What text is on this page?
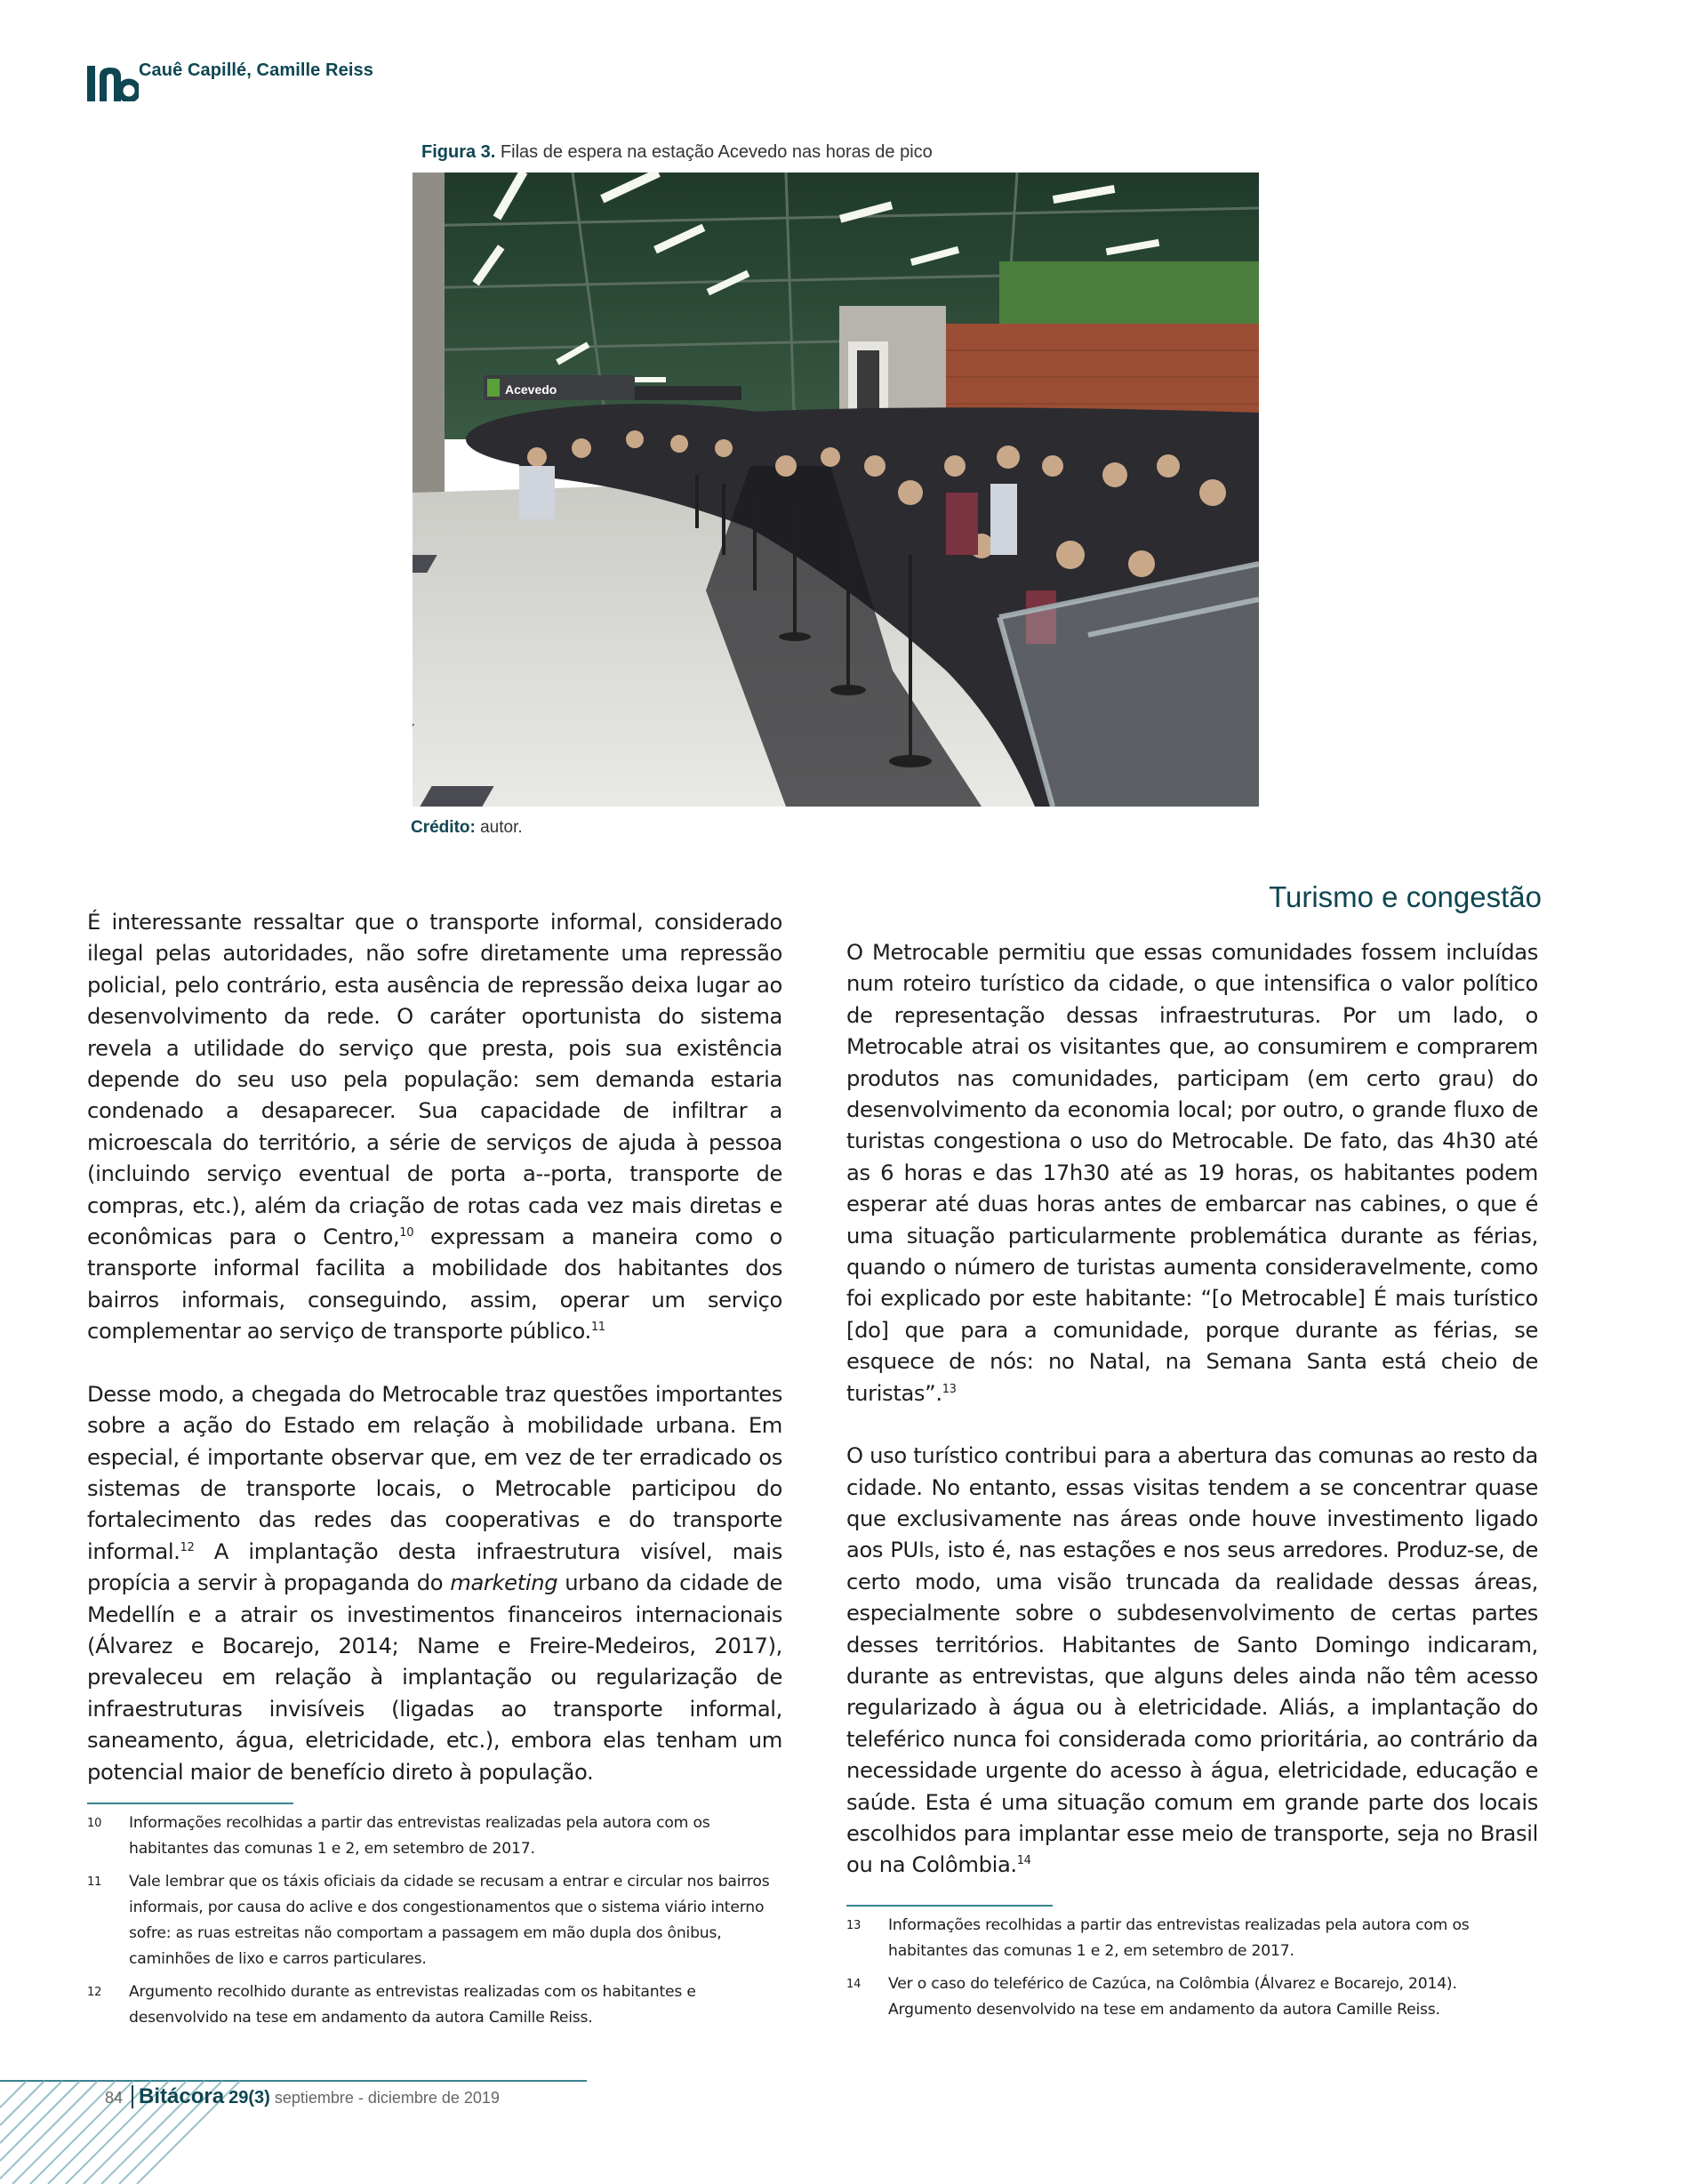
Cauê Capillé, Camille Reiss
Figura 3. Filas de espera na estação Acevedo nas horas de pico
Acevedo
Crédito: autor.
Turismo e congestão

É interessante ressaltar que o transporte informal, considerado ilegal pelas autoridades, não sofre diretamente uma repressão policial, pelo contrário, esta ausência de repressão deixa lugar ao desenvolvimento da rede. O caráter oportunista do sistema revela a utilidade do serviço que presta, pois sua existência depende do seu uso pela população: sem demanda estaria condenado a desaparecer. Sua capacidade de infiltrar a microescala do território, a série de serviços de ajuda à pessoa (incluindo serviço eventual de porta a--porta, transporte de compras, etc.), além da criação de rotas cada vez mais diretas e econômicas para o Centro,$^{10}$ expressam a maneira como o transporte informal facilita a mobilidade dos habitantes dos bairros informais, conseguindo, assim, operar um serviço complementar ao serviço de transporte público.$^{11}$

Desse modo, a chegada do Metrocable traz questões importantes sobre a ação do Estado em relação à mobilidade urbana. Em especial, é importante observar que, em vez de ter erradicado os sistemas de transporte locais, o Metrocable participou do fortalecimento das redes das cooperativas e do transporte informal.$^{12}$ A implantação desta infraestrutura visível, mais propícia a servir à propaganda do marketing urbano da cidade de Medellín e a atrair os investimentos financeiros internacionais (Álvarez e Bocarejo, 2014; Name e Freire-Medeiros, 2017), prevaleceu em relação à implantação ou regularização de infraestruturas invisíveis (ligadas ao transporte informal, saneamento, água, eletricidade, etc.), embora elas tenham um potencial maior de benefício direto à população.

O Metrocable permitiu que essas comunidades fossem incluídas num roteiro turístico da cidade, o que intensifica o valor político de representação dessas infraestruturas. Por um lado, o Metrocable atrai os visitantes que, ao consumirem e comprarem produtos nas comunidades, participam (em certo grau) do desenvolvimento da economia local; por outro, o grande fluxo de turistas congestiona o uso do Metrocable. De fato, das 4h30 até as 6 horas e das 17h30 até as 19 horas, os habitantes podem esperar até duas horas antes de embarcar nas cabines, o que é uma situação particularmente problemática durante as férias, quando o número de turistas aumenta consideravelmente, como foi explicado por este habitante: “[o Metrocable] É mais turístico [do] que para a comunidade, porque durante as férias, se esquece de nós: no Natal, na Semana Santa está cheio de turistas”.$^{13}$

O uso turístico contribui para a abertura das comunas ao resto da cidade. No entanto, essas visitas tendem a se concentrar quase que exclusivamente nas áreas onde houve investimento ligado aos PUIs, isto é, nas estações e nos seus arredores. Produz-se, de certo modo, uma visão truncada da realidade dessas áreas, especialmente sobre o subdesenvolvimento de certas partes desses territórios. Habitantes de Santo Domingo indicaram, durante as entrevistas, que alguns deles ainda não têm acesso regularizado à água ou à eletricidade. Aliás, a implantação do teleférico nunca foi considerada como prioritária, ao contrário da necessidade urgente do acesso à água, eletricidade, educação e saúde. Esta é uma situação comum em grande parte dos locais escolhidos para implantar esse meio de transporte, seja no Brasil ou na Colômbia.$^{14}$

10 Informações recolhidas a partir das entrevistas realizadas pela autora com os habitantes das comunas 1 e 2, em setembro de 2017.
11 Vale lembrar que os táxis oficiais da cidade se recusam a entrar e circular nos bairros informais, por causa do aclive e dos congestionamentos que o sistema viário interno sofre: as ruas estreitas não comportam a passagem em mão dupla dos ônibus, caminhões de lixo e carros particulares.
12 Argumento recolhido durante as entrevistas realizadas com os habitantes e desenvolvido na tese em andamento da autora Camille Reiss.
13 Informações recolhidas a partir das entrevistas realizadas pela autora com os habitantes das comunas 1 e 2, em setembro de 2017.
14 Ver o caso do teleférico de Cazúca, na Colômbia (Álvarez e Bocarejo, 2014). Argumento desenvolvido na tese em andamento da autora Camille Reiss.
84 Bitácora 29(3) septiembre - diciembre de 2019
